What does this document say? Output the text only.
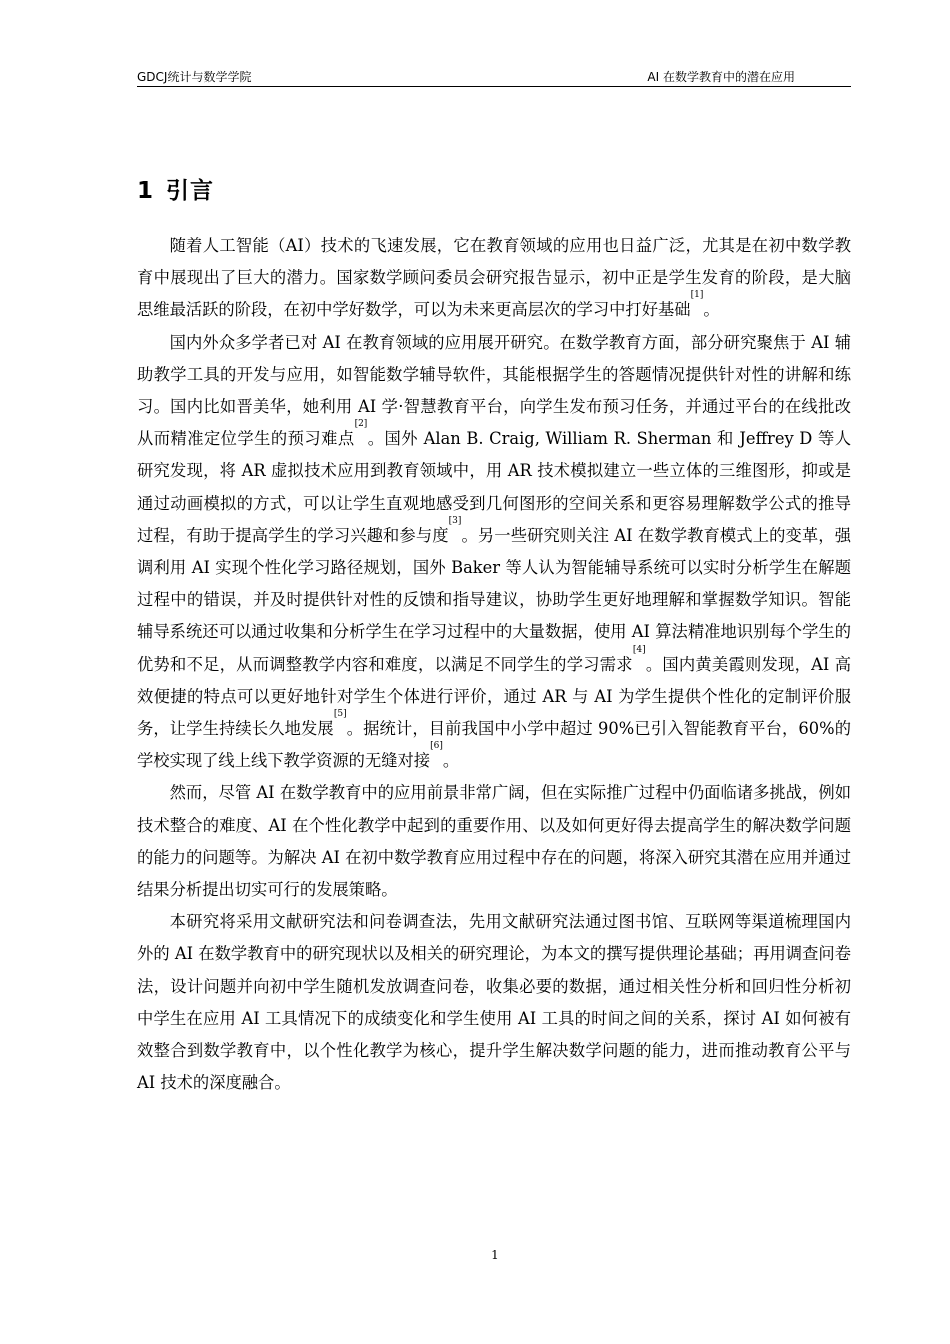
GDCJ统计与数学学院	AI 在数学教育中的潜在应用
1 引言

随着人工智能（AI）技术的飞速发展，它在教育领域的应用也日益广泛，尤其是在初中数学教育中展现出了巨大的潜力。国家数学顾问委员会研究报告显示，初中正是学生发育的阶段，是大脑思维最活跃的阶段，在初中学好数学，可以为未来更高层次的学习中打好基础[1]。

国内外众多学者已对 AI 在教育领域的应用展开研究。在数学教育方面，部分研究聚焦于 AI 辅助教学工具的开发与应用，如智能数学辅导软件，其能根据学生的答题情况提供针对性的讲解和练习。国内比如晋美华，她利用 AI 学·智慧教育平台，向学生发布预习任务，并通过平台的在线批改从而精准定位学生的预习难点[2]。国外 Alan B. Craig, William R. Sherman 和 Jeffrey D 等人研究发现，将 AR 虚拟技术应用到教育领域中，用 AR 技术模拟建立一些立体的三维图形，抑或是通过动画模拟的方式，可以让学生直观地感受到几何图形的空间关系和更容易理解数学公式的推导过程，有助于提高学生的学习兴趣和参与度[3]。另一些研究则关注 AI 在数学教育模式上的变革，强调利用 AI 实现个性化学习路径规划，国外 Baker 等人认为智能辅导系统可以实时分析学生在解题过程中的错误，并及时提供针对性的反馈和指导建议，协助学生更好地理解和掌握数学知识。智能辅导系统还可以通过收集和分析学生在学习过程中的大量数据，使用 AI 算法精准地识别每个学生的优势和不足，从而调整教学内容和难度，以满足不同学生的学习需求[4]。国内黄美霞则发现，AI 高效便捷的特点可以更好地针对学生个体进行评价，通过 AR 与 AI 为学生提供个性化的定制评价服务，让学生持续长久地发展[5]。据统计，目前我国中小学中超过 90%已引入智能教育平台，60%的学校实现了线上线下教学资源的无缝对接[6]。

然而，尽管 AI 在数学教育中的应用前景非常广阔，但在实际推广过程中仍面临诸多挑战，例如技术整合的难度、AI 在个性化教学中起到的重要作用、以及如何更好得去提高学生的解决数学问题的能力的问题等。为解决 AI 在初中数学教育应用过程中存在的问题，将深入研究其潜在应用并通过结果分析提出切实可行的发展策略。

本研究将采用文献研究法和问卷调查法，先用文献研究法通过图书馆、互联网等渠道梳理国内外的 AI 在数学教育中的研究现状以及相关的研究理论，为本文的撰写提供理论基础；再用调查问卷法，设计问题并向初中学生随机发放调查问卷，收集必要的数据，通过相关性分析和回归性分析初中学生在应用 AI 工具情况下的成绩变化和学生使用 AI 工具的时间之间的关系，探讨 AI 如何被有效整合到数学教育中，以个性化教学为核心，提升学生解决数学问题的能力，进而推动教育公平与 AI 技术的深度融合。

1
